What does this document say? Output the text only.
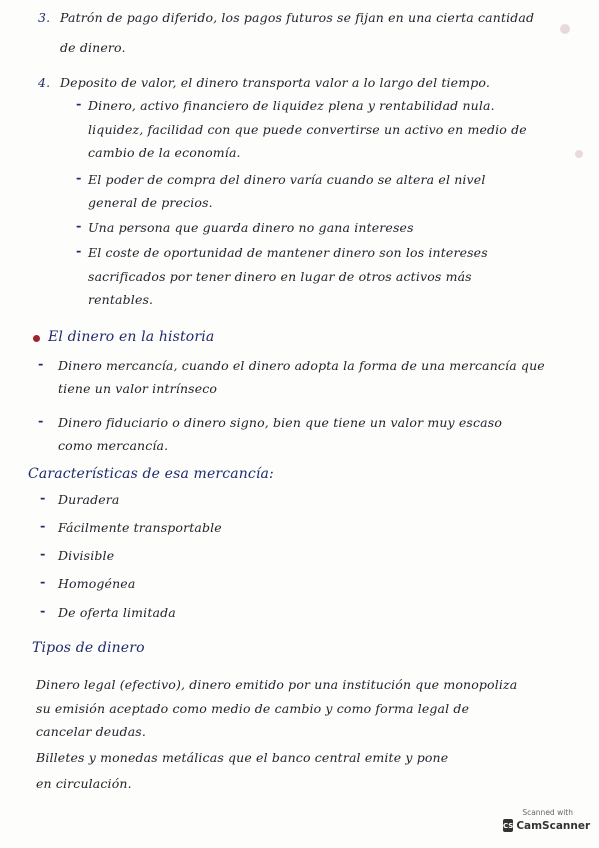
3. Patrón de pago diferido, los pagos futuros se fijan en una cierta cantidad
de dinero.
4. Deposito de valor, el dinero transporta valor a lo largo del tiempo.
- Dinero, activo financiero de liquidez plena y rentabilidad nula.
liquidez, facilidad con que puede convertirse un activo en medio de
cambio de la economía.
- El poder de compra del dinero varía cuando se altera el nivel
general de precios.
- Una persona que guarda dinero no gana intereses
- El coste de oportunidad de mantener dinero son los intereses
sacrificados por tener dinero en lugar de otros activos más
rentables.
El dinero en la historia
- Dinero mercancía, cuando el dinero adopta la forma de una mercancía que
tiene un valor intrínseco
- Dinero fiduciario o dinero signo, bien que tiene un valor muy escaso
como mercancía.
Características de esa mercancía:
- Duradera
- Fácilmente transportable
- Divisible
- Homogénea
- De oferta limitada
Tipos de dinero
Dinero legal (efectivo), dinero emitido por una institución que monopoliza
su emisión aceptado como medio de cambio y como forma legal de
cancelar deudas.
Billetes y monedas metálicas que el banco central emite y pone
en circulación.
Scanned with
CS CamScanner
